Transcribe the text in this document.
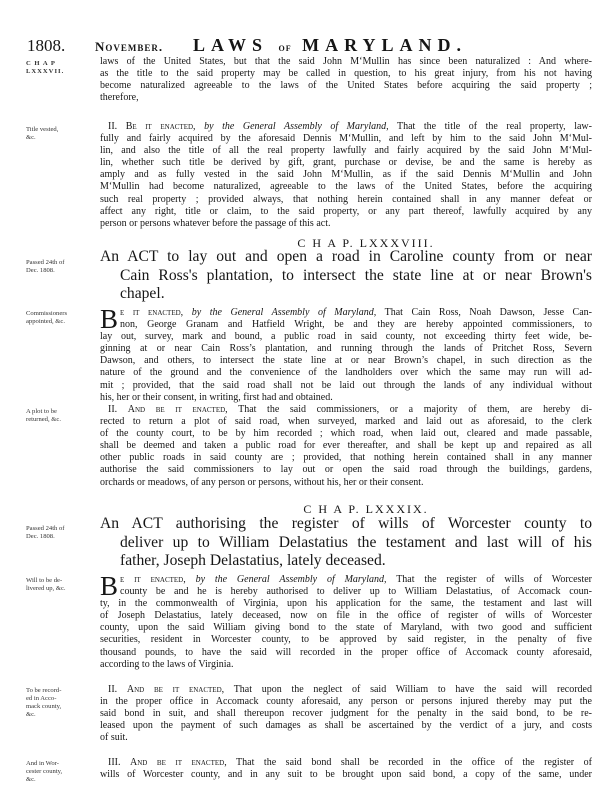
1808. November. LAWS of MARYLAND.
C H A P
LXXXVII.
Title vested,
&c.
Passed 24th of
Dec. 1808.
Commissioners
appointed, &c.
A plot to be
returned, &c.
Passed 24th of
Dec. 1808.
Will to be de-
livered up, &c.
To be record-
ed in Acco-
mack county,
&c.
And in Wor-
cester county,
&c.
laws of the United States, but that the said John M‘Mullin has since been naturalized : And where-
as the title to the said property may be called in question, to his great injury, from his not having
become naturalized agreeable to the laws of the United States before acquiring the said property ;
therefore,
II. Be it enacted, by the General Assembly of Maryland, That the title of the real property, law-
fully and fairly acquired by the aforesaid Dennis M‘Mullin, and left by him to the said John M‘Mul-
lin, and also the title of all the real property lawfully and fairly acquired by the said John M‘Mul-
lin, whether such title be derived by gift, grant, purchase or devise, be and the same is hereby as
amply and as fully vested in the said John M‘Mullin, as if the said Dennis M‘Mullin and John
M‘Mullin had become naturalized, agreeable to the laws of the United States, before the acquiring
such real property ; provided always, that nothing herein contained shall in any manner defeat or
affect any right, title or claim, to the said property, or any part thereof, lawfully acquired by any
person or persons whatever before the passage of this act.
C H A P. LXXXVIII.
An ACT to lay out and open a road in Caroline county from or near
Cain Ross's plantation, to intersect the state line at or near Brown's
chapel.
B e it enacted, by the General Assembly of Maryland, That Cain Ross, Noah Dawson, Jesse Can-
non, George Granam and Hatfield Wright, be and they are hereby appointed commissioners, to
lay out, survey, mark and bound, a public road in said county, not exceeding thirty feet wide, be-
ginning at or near Cain Ross’s plantation, and running through the lands of Pritchet Ross, Severn
Dawson, and others, to intersect the state line at or near Brown’s chapel, in such direction as the
nature of the ground and the convenience of the landholders over which the same may run will ad-
mit ; provided, that the said road shall not be laid out through the lands of any individual without
his, her or their consent, in writing, first had and obtained.
II. And be it enacted, That the said commissioners, or a majority of them, are hereby di-
rected to return a plot of said road, when surveyed, marked and laid out as aforesaid, to the clerk
of the county court, to be by him recorded ; which road, when laid out, cleared and made passable,
shall be deemed and taken a public road for ever thereafter, and shall be kept up and repaired as all
other public roads in said county are ; provided, that nothing herein contained shall in any manner
authorise the said commissioners to lay out or open the said road through the buildings, gardens,
orchards or meadows, of any person or persons, without his, her or their consent.
C H A P. LXXXIX.
An ACT authorising the register of wills of Worcester county to
deliver up to William Delastatius the testament and last will of his
father, Joseph Delastatius, lately deceased.
B e it enacted, by the General Assembly of Maryland, That the register of wills of Worcester
county be and he is hereby authorised to deliver up to William Delastatius, of Accomack coun-
ty, in the commonwealth of Virginia, upon his application for the same, the testament and last will
of Joseph Delastatius, lately deceased, now on file in the office of register of wills of Worcester
county, upon the said William giving bond to the state of Maryland, with two good and sufficient
securities, resident in Worcester county, to be approved by said register, in the penalty of five
thousand pounds, to have the said will recorded in the proper office of Accomack county aforesaid,
according to the laws of Virginia.
II. And be it enacted, That upon the neglect of said William to have the said will recorded
in the proper office in Accomack county aforesaid, any person or persons injured thereby may put the
said bond in suit, and shall thereupon recover judgment for the penalty in the said bond, to be re-
leased upon the payment of such damages as shall be ascertained by the verdict of a jury, and costs
of suit.
III. And be it enacted, That the said bond shall be recorded in the office of the register of
wills of Worcester county, and in any suit to be brought upon said bond, a copy of the same, under
